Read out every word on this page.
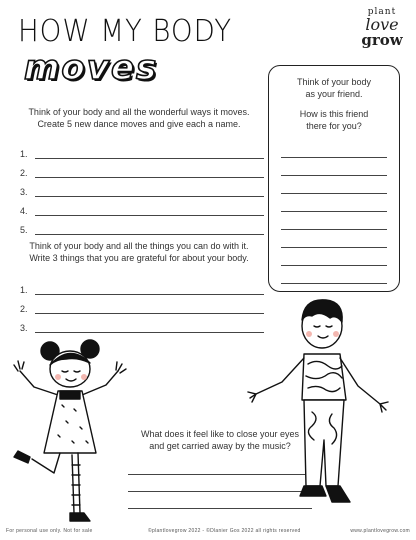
HOW MY BODY
moves
plant
love
grow
Think of your body and all the wonderful ways it moves.
Create 5 new dance moves and give each a name.
1.
2.
3.
4.
5.
Think of your body and all the things you can do with it.
Write 3 things that you are grateful for about your body.
1.
2.
3.
Think of your body
as your friend.
How is this friend
there for you?
What does it feel like to close your eyes
and get carried away by the music?
For personal use only. Not for sale	©plantlovegrow 2022 - ©Dlanier Gos 2022 all rights reserved	www.plantlovegrow.com
